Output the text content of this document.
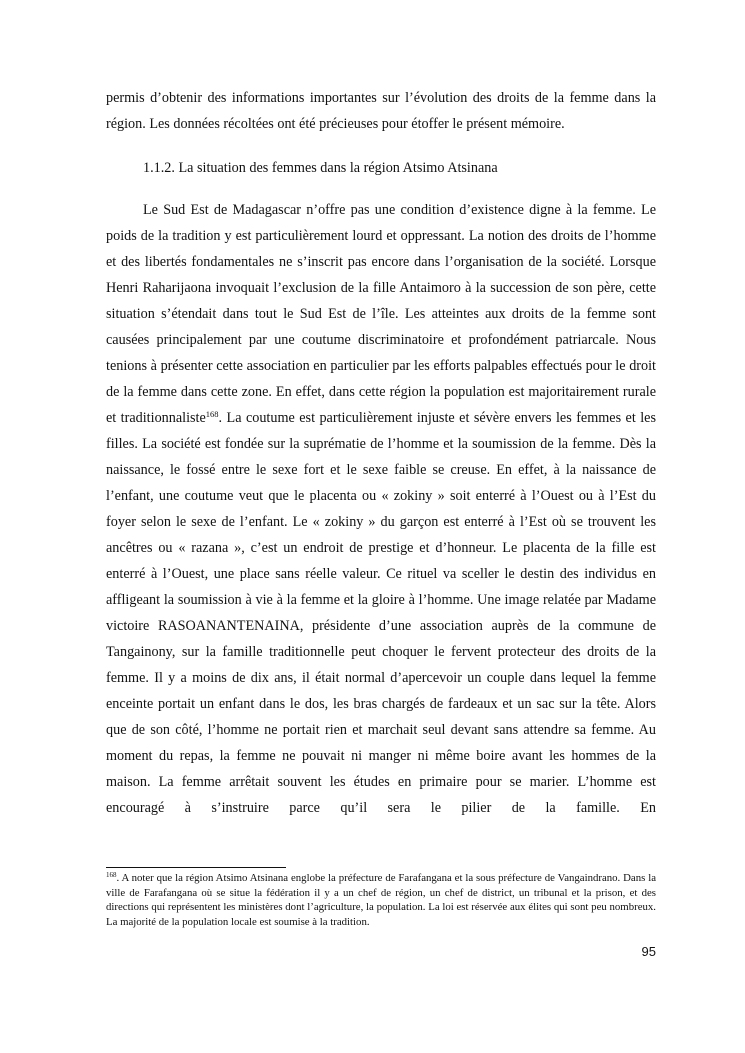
permis d’obtenir des informations importantes sur l’évolution des droits de la femme dans la région. Les données récoltées ont été précieuses pour étoffer le présent mémoire.
1.1.2. La situation des femmes dans la région Atsimo Atsinana
Le Sud Est de Madagascar n’offre pas une condition d’existence digne à la femme. Le poids de la tradition y est particulièrement lourd et oppressant. La notion des droits de l’homme et des libertés fondamentales ne s’inscrit pas encore dans l’organisation de la société. Lorsque Henri Raharijaona invoquait l’exclusion de la fille Antaimoro à la succession de son père, cette situation s’étendait dans tout le Sud Est de l’île. Les atteintes aux droits de la femme sont causées principalement par une coutume discriminatoire et profondément patriarcale. Nous tenions à présenter cette association en particulier par les efforts palpables effectués pour le droit de la femme dans cette zone. En effet, dans cette région la population est majoritairement rurale et traditionnaliste$^{168}$. La coutume est particulièrement injuste et sévère envers les femmes et les filles. La société est fondée sur la suprématie de l’homme et la soumission de la femme. Dès la naissance, le fossé entre le sexe fort et le sexe faible se creuse. En effet, à la naissance de l’enfant, une coutume veut que le placenta ou « zokiny » soit enterré à l’Ouest ou à l’Est du foyer selon le sexe de l’enfant. Le « zokiny » du garçon est enterré à l’Est où se trouvent les ancêtres ou « razana », c’est un endroit de prestige et d’honneur. Le placenta de la fille est enterré à l’Ouest, une place sans réelle valeur. Ce rituel va sceller le destin des individus en affligeant la soumission à vie à la femme et la gloire à l’homme. Une image relatée par Madame victoire RASOANANTENAINA, présidente d’une association auprès de la commune de Tangainony, sur la famille traditionnelle peut choquer le fervent protecteur des droits de la femme. Il y a moins de dix ans, il était normal d’apercevoir un couple dans lequel la femme enceinte portait un enfant dans le dos, les bras chargés de fardeaux et un sac sur la tête. Alors que de son côté, l’homme ne portait rien et marchait seul devant sans attendre sa femme. Au moment du repas, la femme ne pouvait ni manger ni même boire avant les hommes de la maison. La femme arrêtait souvent les études en primaire pour se marier. L’homme est encouragé à s’instruire parce qu’il sera le pilier de la famille. En
$^{168}$. A noter que la région Atsimo Atsinana englobe la préfecture de Farafangana et la sous préfecture de Vangaindrano. Dans la ville de Farafangana où se situe la fédération il y a un chef de région, un chef de district, un tribunal et la prison, et des directions qui représentent les ministères dont l’agriculture, la population. La loi est réservée aux élites qui sont peu nombreux. La majorité de la population locale est soumise à la tradition.
95
